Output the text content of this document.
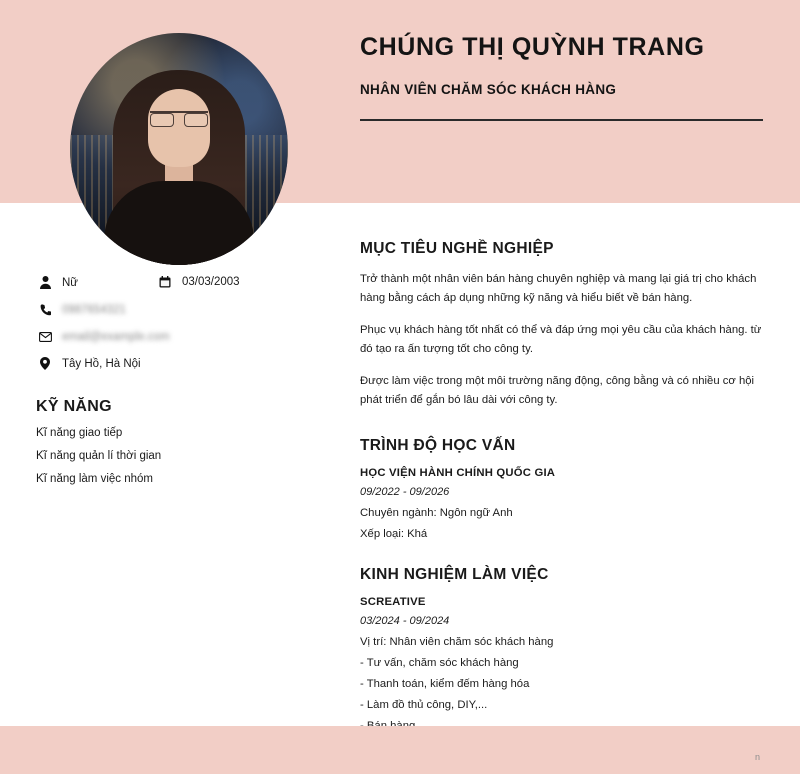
CHÚNG THỊ QUỲNH TRANG
NHÂN VIÊN CHĂM SÓC KHÁCH HÀNG
Nữ	03/03/2003
0987654321
email@example.com
Tây Hồ, Hà Nội
KỸ NĂNG
Kĩ năng giao tiếp
Kĩ năng quản lí thời gian
Kĩ năng làm việc nhóm
MỤC TIÊU NGHỀ NGHIỆP

Trở thành một nhân viên bán hàng chuyên nghiệp và mang lại giá trị cho khách hàng bằng cách áp dụng những kỹ năng và hiểu biết về bán hàng.

Phục vụ khách hàng tốt nhất có thể và đáp ứng mọi yêu cầu của khách hàng. từ đó tạo ra ấn tượng tốt cho công ty.

Được làm việc trong một môi trường năng động, công bằng và có nhiều cơ hội phát triển để gắn bó lâu dài với công ty.

TRÌNH ĐỘ HỌC VẤN

HỌC VIỆN HÀNH CHÍNH QUỐC GIA

09/2022 - 09/2026

Chuyên ngành: Ngôn ngữ Anh

Xếp loại: Khá

KINH NGHIỆM LÀM VIỆC

SCREATIVE

03/2024 - 09/2024

Vị trí: Nhân viên chăm sóc khách hàng

- Tư vấn, chăm sóc khách hàng

- Thanh toán, kiểm đếm hàng hóa

- Làm đồ thủ công, DIY,...

n
